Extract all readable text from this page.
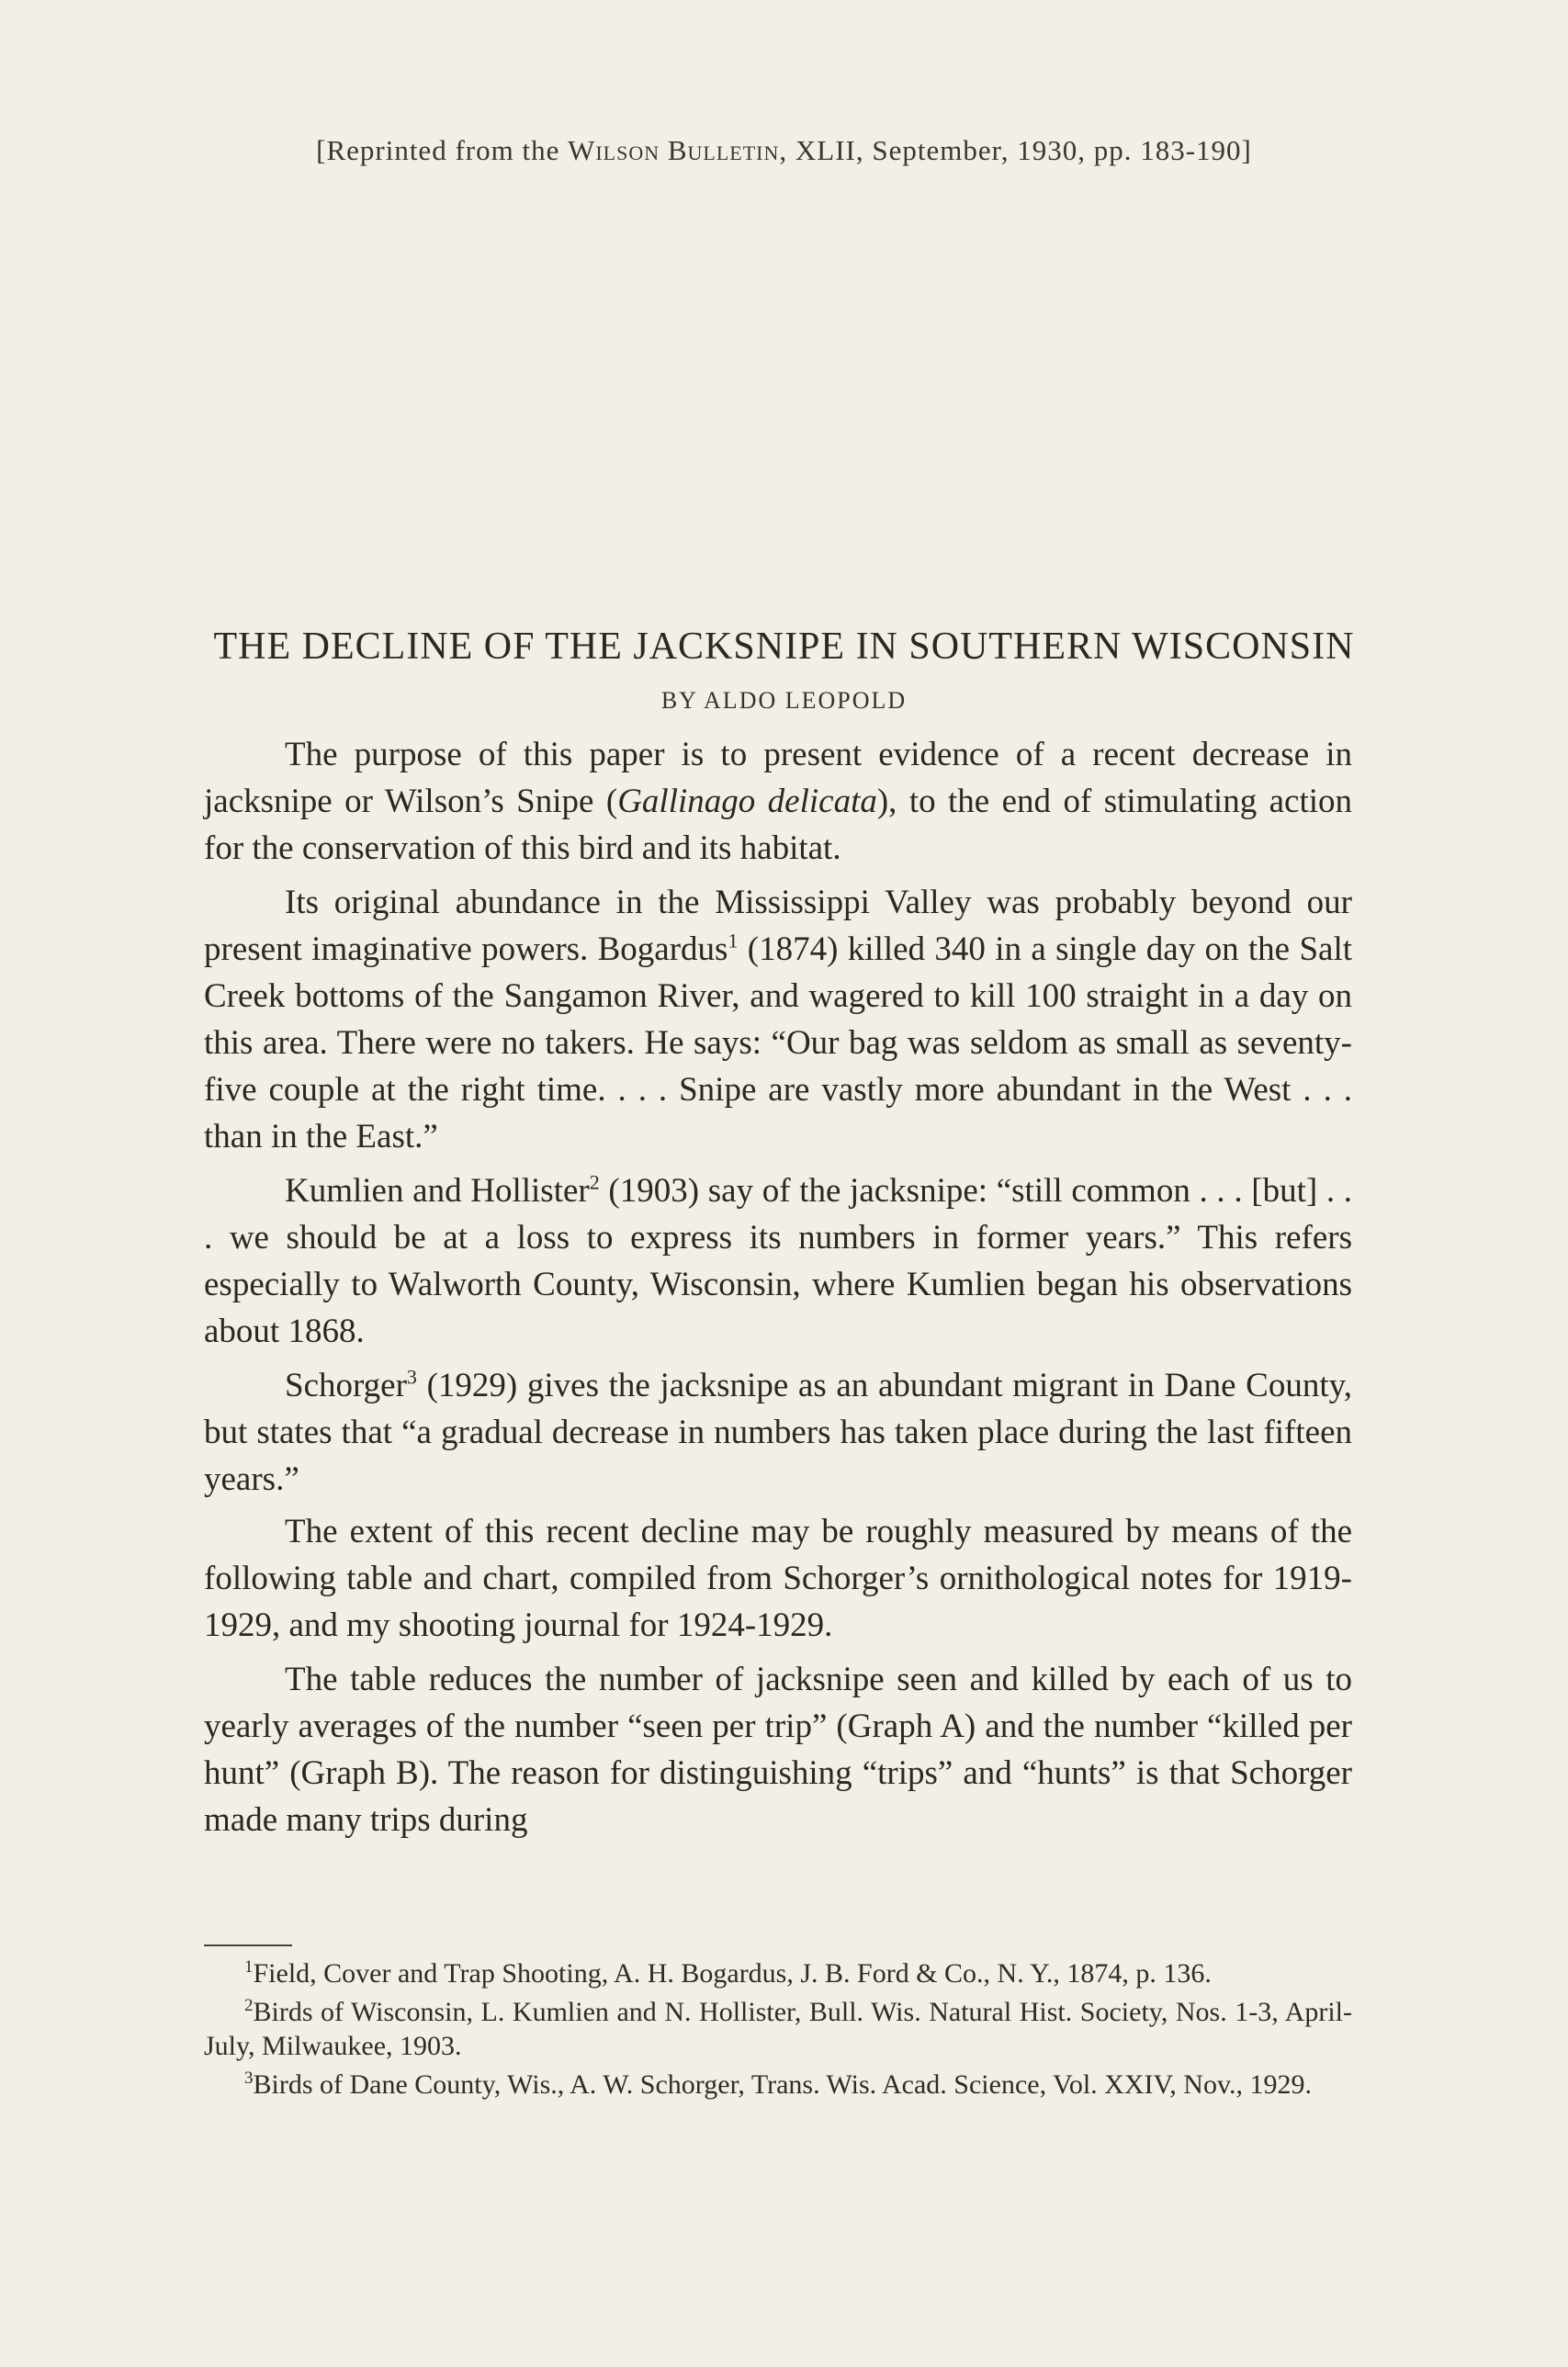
[Reprinted from the Wilson Bulletin, XLII, September, 1930, pp. 183-190]
THE DECLINE OF THE JACKSNIPE IN SOUTHERN WISCONSIN
BY ALDO LEOPOLD

The purpose of this paper is to present evidence of a recent decrease in jacksnipe or Wilson’s Snipe (Gallinago delicata), to the end of stimulating action for the conservation of this bird and its habitat.

Its original abundance in the Mississippi Valley was probably beyond our present imaginative powers. Bogardus$^1$ (1874) killed 340 in a single day on the Salt Creek bottoms of the Sangamon River, and wagered to kill 100 straight in a day on this area. There were no takers. He says: “Our bag was seldom as small as seventy-five couple at the right time. . . . Snipe are vastly more abundant in the West . . . than in the East.”

Kumlien and Hollister$^2$ (1903) say of the jacksnipe: “still common . . . [but] . . . we should be at a loss to express its numbers in former years.” This refers especially to Walworth County, Wisconsin, where Kumlien began his observations about 1868.

Schorger$^3$ (1929) gives the jacksnipe as an abundant migrant in Dane County, but states that “a gradual decrease in numbers has taken place during the last fifteen years.”

The extent of this recent decline may be roughly measured by means of the following table and chart, compiled from Schorger’s ornithological notes for 1919-1929, and my shooting journal for 1924-1929.

The table reduces the number of jacksnipe seen and killed by each of us to yearly averages of the number “seen per trip” (Graph A) and the number “killed per hunt” (Graph B). The reason for distinguishing “trips” and “hunts” is that Schorger made many trips during

$^1$Field, Cover and Trap Shooting, A. H. Bogardus, J. B. Ford & Co., N. Y., 1874, p. 136.

$^2$Birds of Wisconsin, L. Kumlien and N. Hollister, Bull. Wis. Natural Hist. Society, Nos. 1-3, April-July, Milwaukee, 1903.

$^3$Birds of Dane County, Wis., A. W. Schorger, Trans. Wis. Acad. Science, Vol. XXIV, Nov., 1929.
